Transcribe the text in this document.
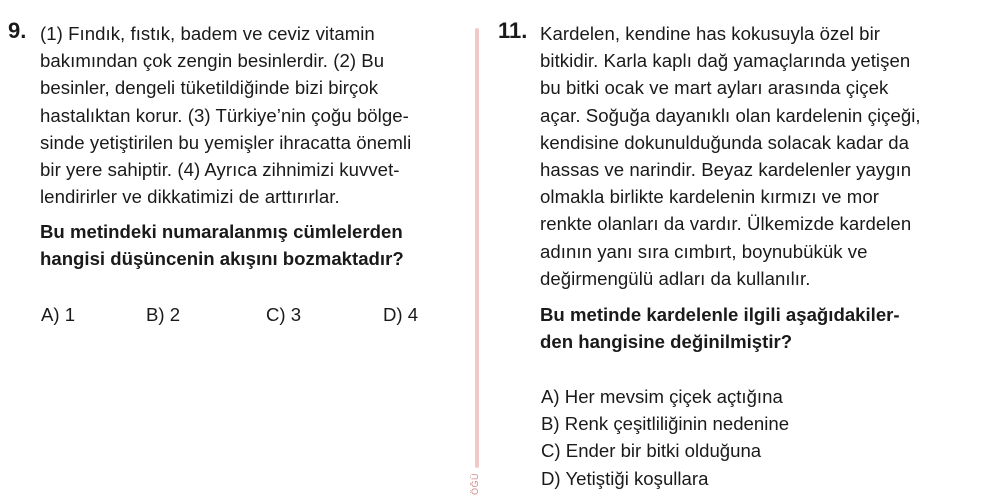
9. (1) Fındık, fıstık, badem ve ceviz vitamin
bakımından çok zengin besinlerdir. (2) Bu
besinler, dengeli tüketildiğinde bizi birçok
hastalıktan korur. (3) Türkiye’nin çoğu bölge-
sinde yetiştirilen bu yemişler ihracatta önemli
bir yere sahiptir. (4) Ayrıca zihnimizi kuvvet-
lendirirler ve dikkatimizi de arttırırlar.
Bu metindeki numaralanmış cümlelerden
hangisi düşüncenin akışını bozmaktadır?
A) 1	B) 2	C) 3	D) 4
ÖĞÜ
11. Kardelen, kendine has kokusuyla özel bir
bitkidir. Karla kaplı dağ yamaçlarında yetişen
bu bitki ocak ve mart ayları arasında çiçek
açar. Soğuğa dayanıklı olan kardelenin çiçeği,
kendisine dokunulduğunda solacak kadar da
hassas ve narindir. Beyaz kardelenler yaygın
olmakla birlikte kardelenin kırmızı ve mor
renkte olanları da vardır. Ülkemizde kardelen
adının yanı sıra cımbırt, boynubükük ve
değirmengülü adları da kullanılır.
Bu metinde kardelenle ilgili aşağıdakiler-
den hangisine değinilmiştir?
A) Her mevsim çiçek açtığına
B) Renk çeşitliliğinin nedenine
C) Ender bir bitki olduğuna
D) Yetiştiği koşullara
